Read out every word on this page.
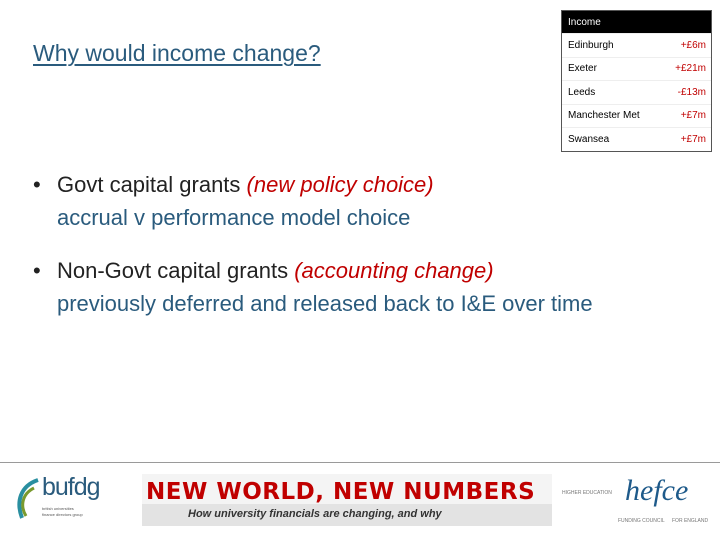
Why would income change?
Income
Edinburgh	+£6m
Exeter	+£21m
Leeds	-£13m
Manchester Met	+£7m
Swansea	+£7m
• Govt capital grants (new policy choice)
accrual v performance model choice
• Non-Govt capital grants (accounting change)
previously deferred and released back to I&E over time
bufdg
british universities
finance directors group
NEW WORLD, NEW NUMBERS
How university financials are changing, and why
HIGHER EDUCATION hefce
FUNDING COUNCIL FOR ENGLAND
